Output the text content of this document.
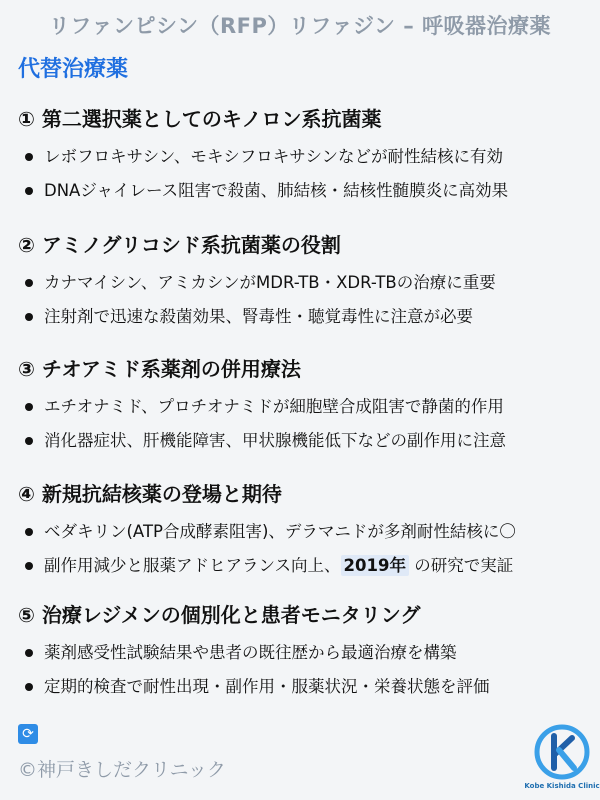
リファンピシン（RFP）リファジン – 呼吸器治療薬
代替治療薬
① 第二選択薬としてのキノロン系抗菌薬
レボフロキサシン、モキシフロキサシンなどが耐性結核に有効
DNAジャイレース阻害で殺菌、肺結核・結核性髄膜炎に高効果
② アミノグリコシド系抗菌薬の役割
カナマイシン、アミカシンがMDR-TB・XDR-TBの治療に重要
注射剤で迅速な殺菌効果、腎毒性・聴覚毒性に注意が必要
③ チオアミド系薬剤の併用療法
エチオナミド、プロチオナミドが細胞壁合成阻害で静菌的作用
消化器症状、肝機能障害、甲状腺機能低下などの副作用に注意
④ 新規抗結核薬の登場と期待
ベダキリン(ATP合成酵素阻害)、デラマニドが多剤耐性結核に〇
副作用減少と服薬アドヒアランス向上、 2019年 の研究で実証
⑤ 治療レジメンの個別化と患者モニタリング
薬剤感受性試験結果や患者の既往歴から最適治療を構築
定期的検査で耐性出現・副作用・服薬状況・栄養状態を評価
⟳
©神戸きしだクリニック
Kobe Kishida Clinic
